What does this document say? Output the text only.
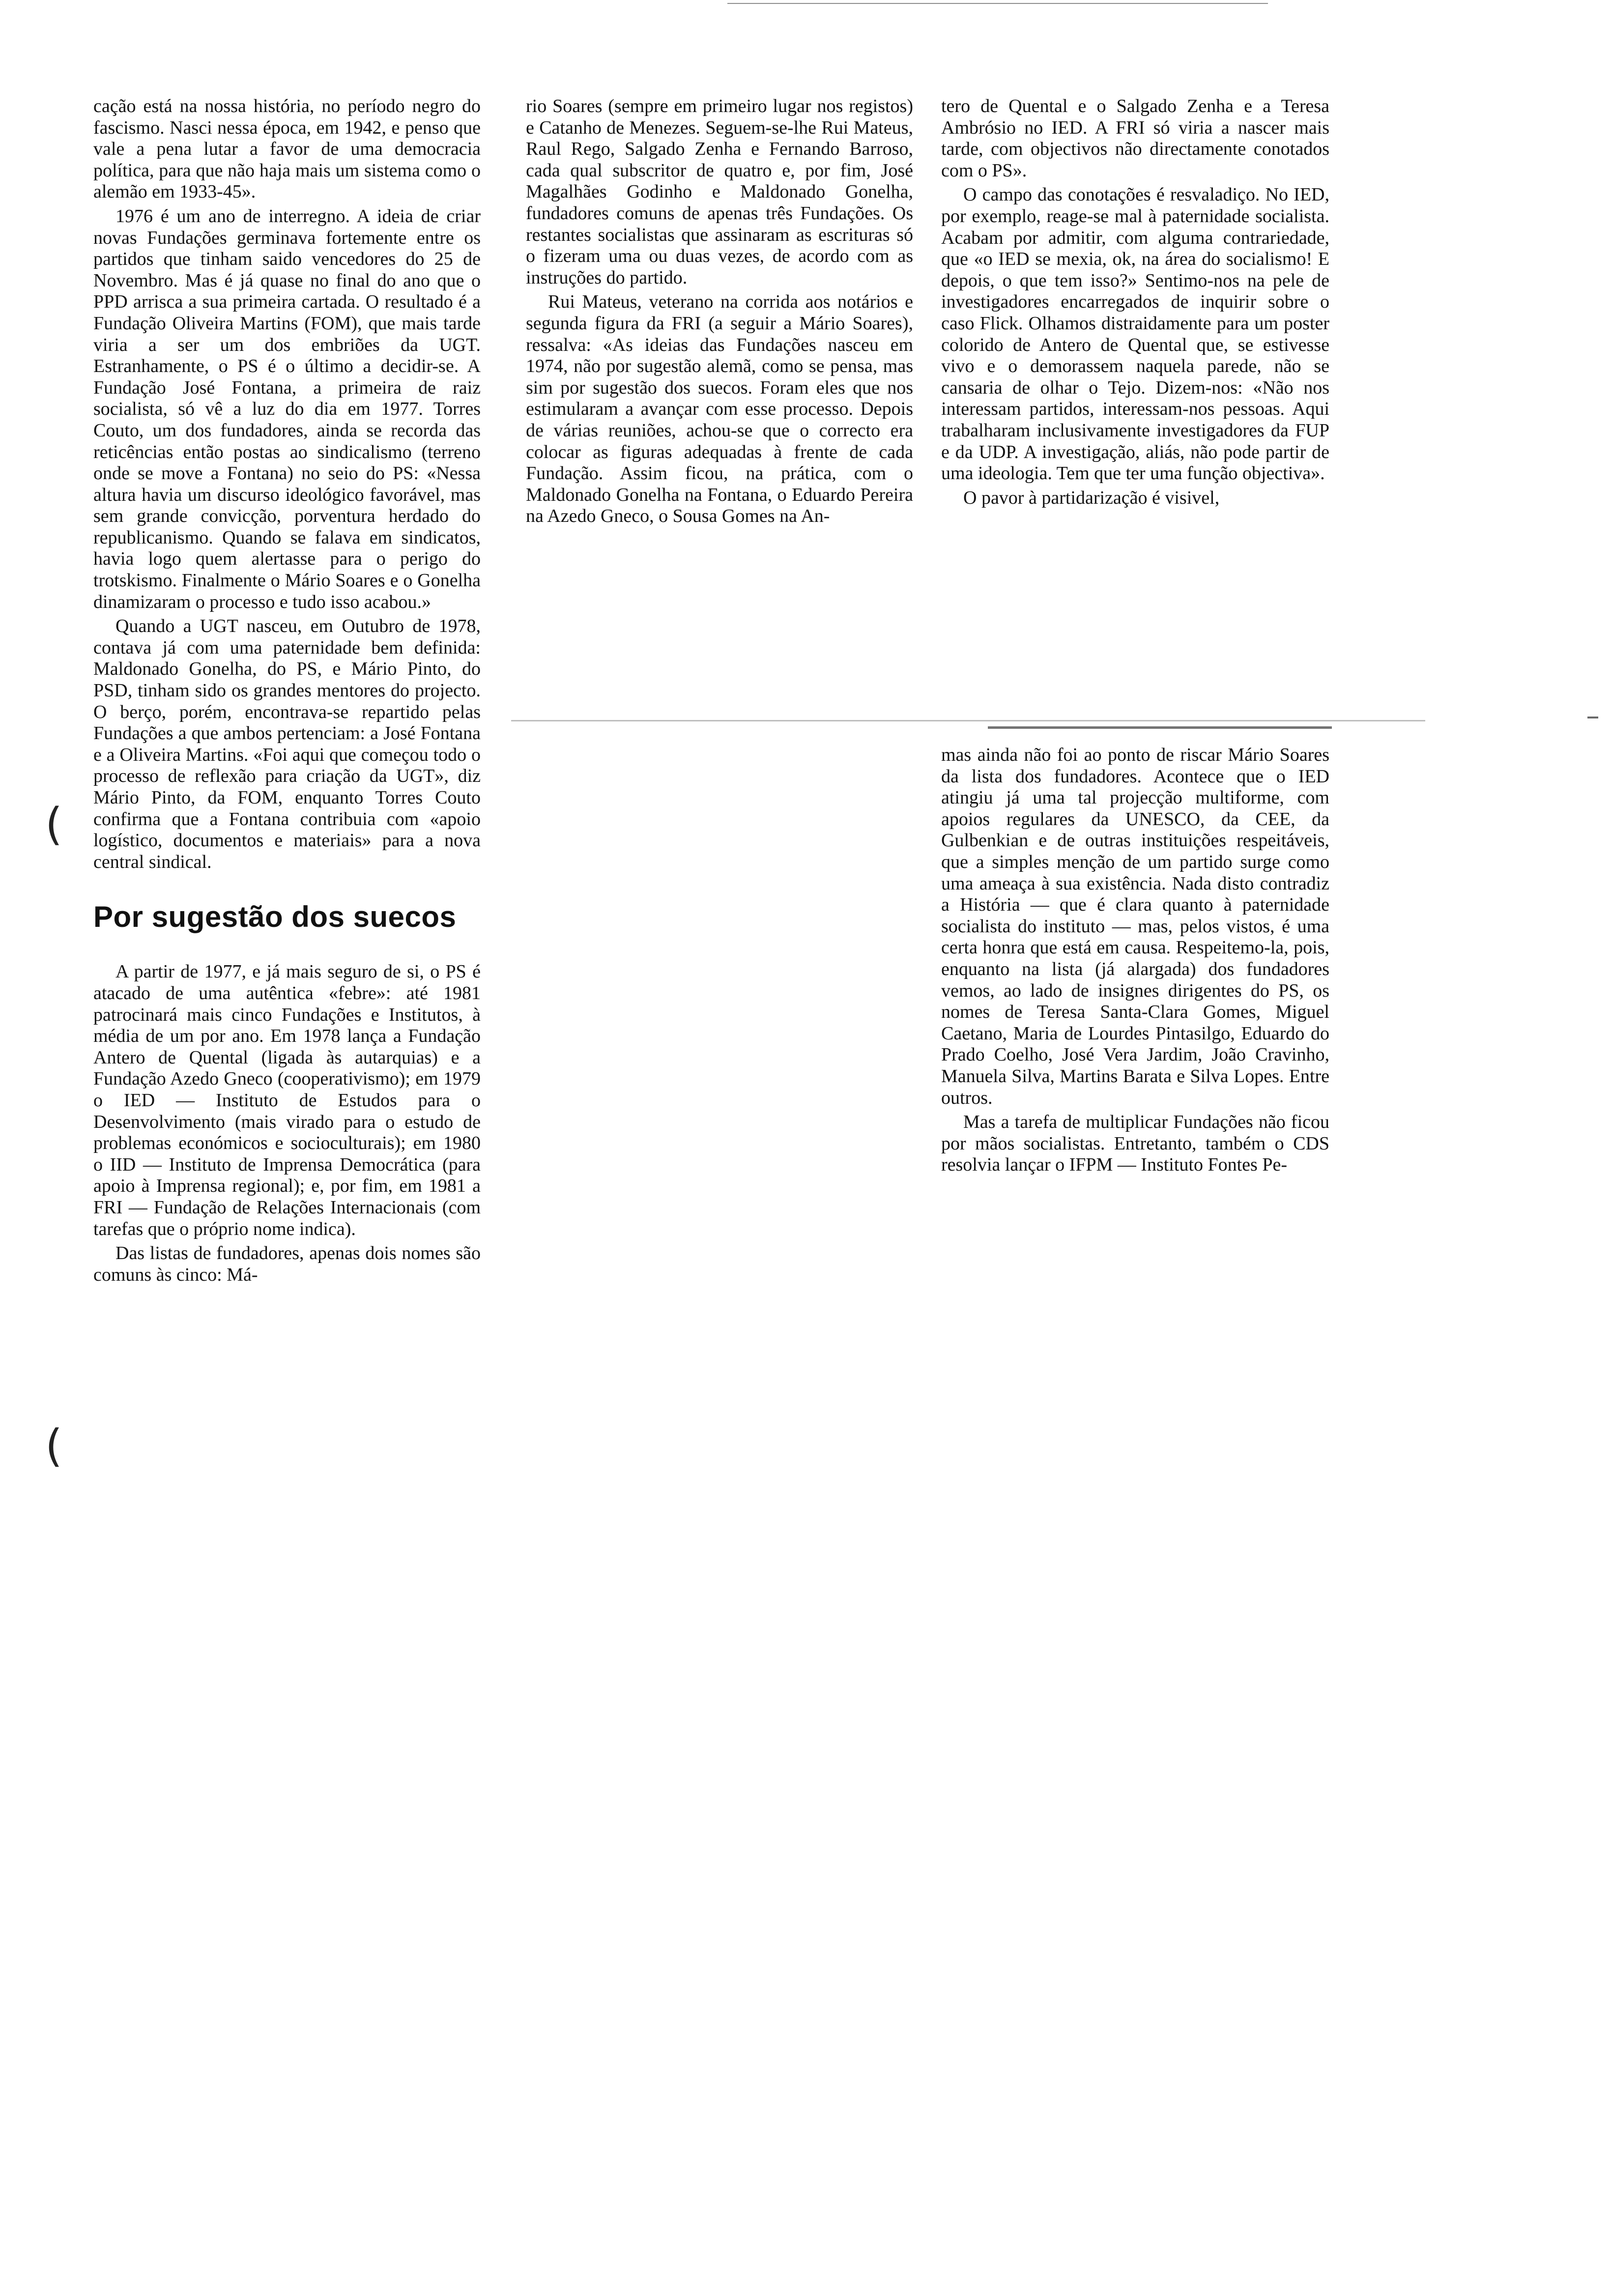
(
(

cação está na nossa história, no período negro do fascismo. Nasci nessa época, em 1942, e penso que vale a pena lutar a favor de uma democracia política, para que não haja mais um sistema como o alemão em 1933-45».

1976 é um ano de interregno. A ideia de criar novas Fundações germinava fortemente entre os partidos que tinham saido vencedores do 25 de Novembro. Mas é já quase no final do ano que o PPD arrisca a sua primeira cartada. O resultado é a Fundação Oliveira Martins (FOM), que mais tarde viria a ser um dos embriões da UGT. Estranhamente, o PS é o último a decidir-se. A Fundação José Fontana, a primeira de raiz socialista, só vê a luz do dia em 1977. Torres Couto, um dos fundadores, ainda se recorda das reticências então postas ao sindicalismo (terreno onde se move a Fontana) no seio do PS: «Nessa altura havia um discurso ideológico favorável, mas sem grande convicção, porventura herdado do republicanismo. Quando se falava em sindicatos, havia logo quem alertasse para o perigo do trotskismo. Finalmente o Mário Soares e o Gonelha dinamizaram o processo e tudo isso acabou.»

Quando a UGT nasceu, em Outubro de 1978, contava já com uma paternidade bem definida: Maldonado Gonelha, do PS, e Mário Pinto, do PSD, tinham sido os grandes mentores do projecto. O berço, porém, encontrava-se repartido pelas Fundações a que ambos pertenciam: a José Fontana e a Oliveira Martins. «Foi aqui que começou todo o processo de reflexão para criação da UGT», diz Mário Pinto, da FOM, enquanto Torres Couto confirma que a Fontana contribuia com «apoio logístico, documentos e materiais» para a nova central sindical.

Por sugestão dos suecos

A partir de 1977, e já mais seguro de si, o PS é atacado de uma autêntica «febre»: até 1981 patrocinará mais cinco Fundações e Institutos, à média de um por ano. Em 1978 lança a Fundação Antero de Quental (ligada às autarquias) e a Fundação Azedo Gneco (cooperativismo); em 1979 o IED — Instituto de Estudos para o Desenvolvimento (mais virado para o estudo de problemas económicos e socioculturais); em 1980 o IID — Instituto de Imprensa Democrática (para apoio à Imprensa regional); e, por fim, em 1981 a FRI — Fundação de Relações Internacionais (com tarefas que o próprio nome indica).

Das listas de fundadores, apenas dois nomes são comuns às cinco: Má-

rio Soares (sempre em primeiro lugar nos registos) e Catanho de Menezes. Seguem-se-lhe Rui Mateus, Raul Rego, Salgado Zenha e Fernando Barroso, cada qual subscritor de quatro e, por fim, José Magalhães Godinho e Maldonado Gonelha, fundadores comuns de apenas três Fundações. Os restantes socialistas que assinaram as escrituras só o fizeram uma ou duas vezes, de acordo com as instruções do partido.

Rui Mateus, veterano na corrida aos notários e segunda figura da FRI (a seguir a Mário Soares), ressalva: «As ideias das Fundações nasceu em 1974, não por sugestão alemã, como se pensa, mas sim por sugestão dos suecos. Foram eles que nos estimularam a avançar com esse processo. Depois de várias reuniões, achou-se que o correcto era colocar as figuras adequadas à frente de cada Fundação. Assim ficou, na prática, com o Maldonado Gonelha na Fontana, o Eduardo Pereira na Azedo Gneco, o Sousa Gomes na An-

tero de Quental e o Salgado Zenha e a Teresa Ambrósio no IED. A FRI só viria a nascer mais tarde, com objectivos não directamente conotados com o PS».

O campo das conotações é resvaladiço. No IED, por exemplo, reage-se mal à paternidade socialista. Acabam por admitir, com alguma contrariedade, que «o IED se mexia, ok, na área do socialismo! E depois, o que tem isso?» Sentimo-nos na pele de investigadores encarregados de inquirir sobre o caso Flick. Olhamos distraidamente para um poster colorido de Antero de Quental que, se estivesse vivo e o demorassem naquela parede, não se cansaria de olhar o Tejo. Dizem-nos: «Não nos interessam partidos, interessam-nos pessoas. Aqui trabalharam inclusivamente investigadores da FUP e da UDP. A investigação, aliás, não pode partir de uma ideologia. Tem que ter uma função objectiva».

O pavor à partidarização é visivel,

mas ainda não foi ao ponto de riscar Mário Soares da lista dos fundadores. Acontece que o IED atingiu já uma tal projecção multiforme, com apoios regulares da UNESCO, da CEE, da Gulbenkian e de outras instituições respeitáveis, que a simples menção de um partido surge como uma ameaça à sua existência. Nada disto contradiz a História — que é clara quanto à paternidade socialista do instituto — mas, pelos vistos, é uma certa honra que está em causa. Respeitemo-la, pois, enquanto na lista (já alargada) dos fundadores vemos, ao lado de insignes dirigentes do PS, os nomes de Teresa Santa-Clara Gomes, Miguel Caetano, Maria de Lourdes Pintasilgo, Eduardo do Prado Coelho, José Vera Jardim, João Cravinho, Manuela Silva, Martins Barata e Silva Lopes. Entre outros.

Mas a tarefa de multiplicar Fundações não ficou por mãos socialistas. Entretanto, também o CDS resolvia lançar o IFPM — Instituto Fontes Pe-
